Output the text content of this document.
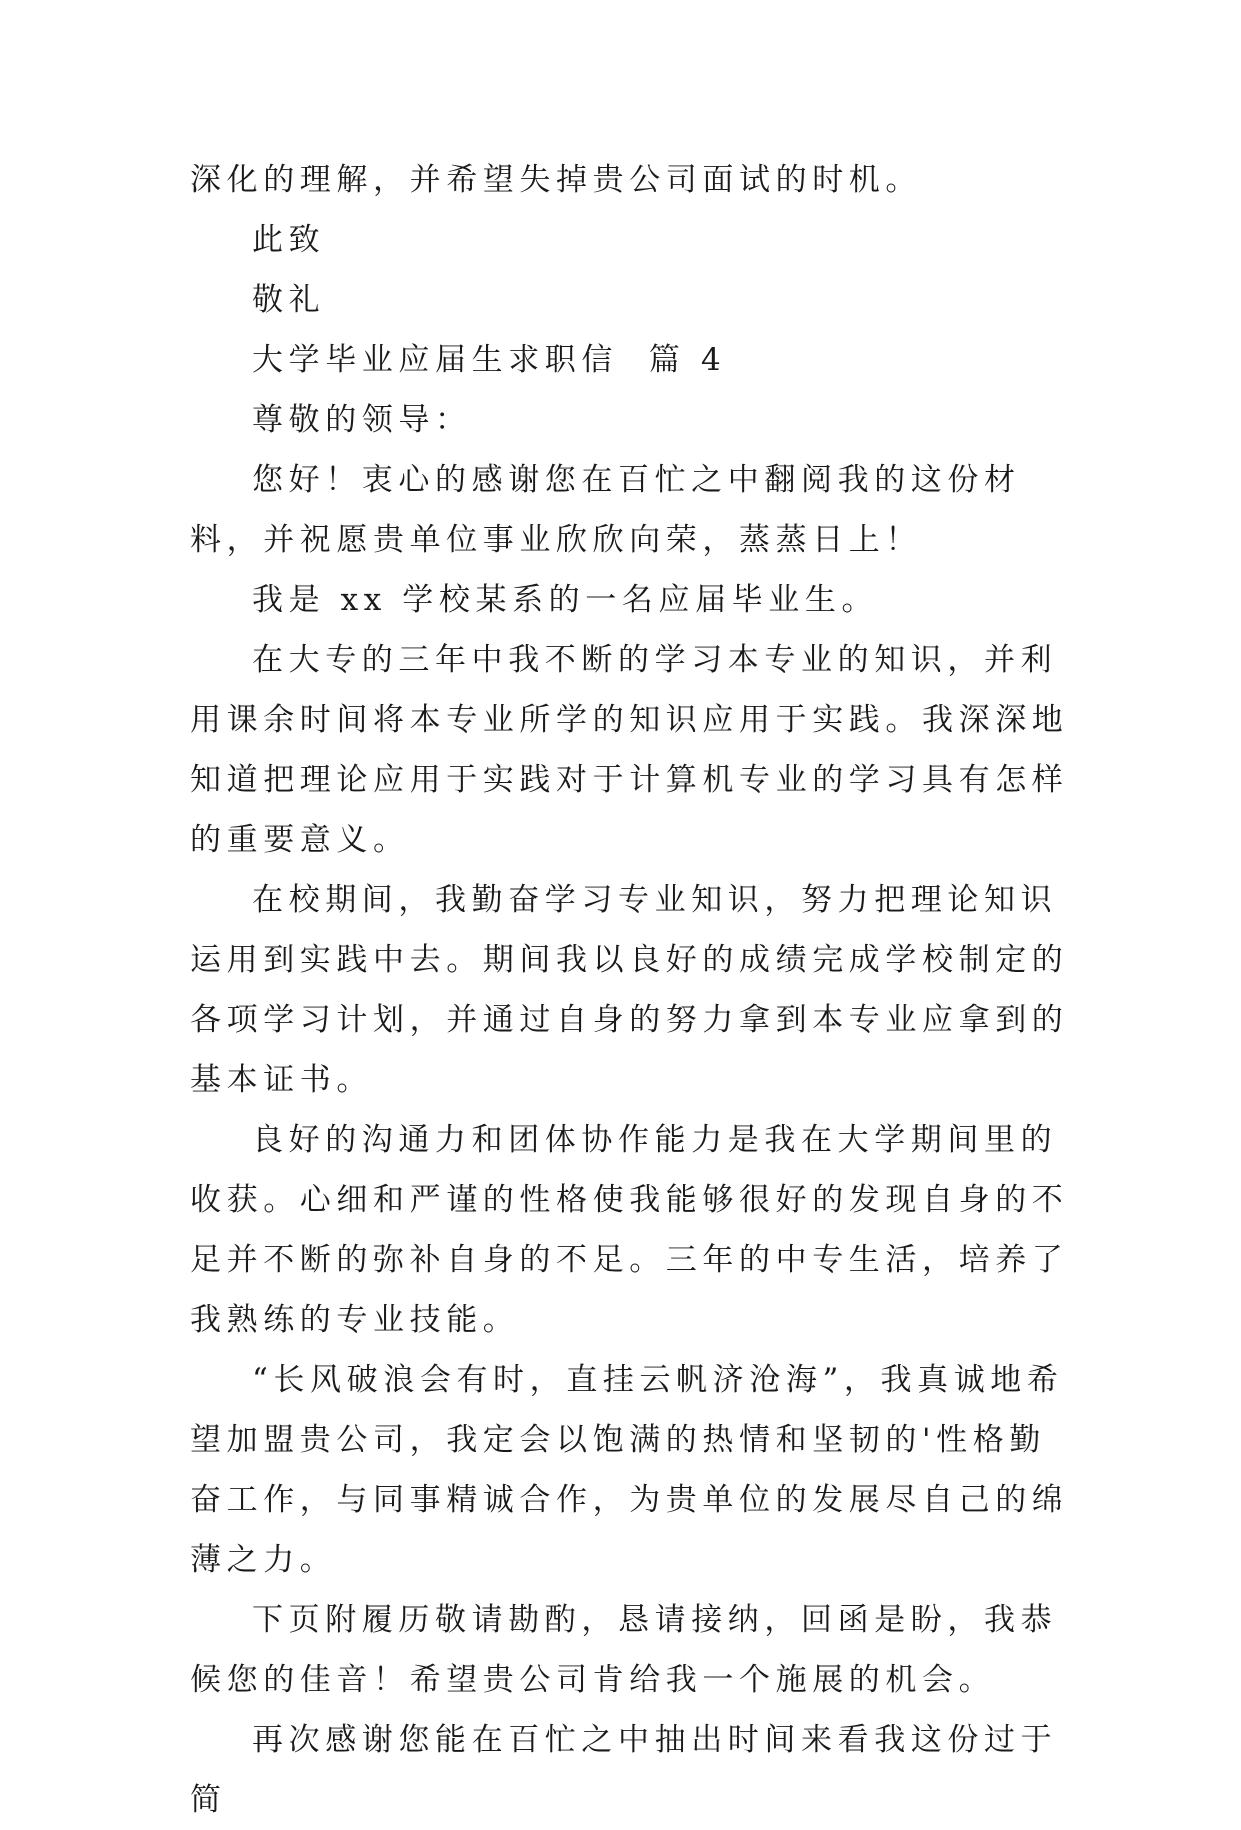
深化的理解，并希望失掉贵公司面试的时机。

此致

敬礼

大学毕业应届生求职信  篇 4

尊敬的领导：

您好！衷心的感谢您在百忙之中翻阅我的这份材料，并祝愿贵单位事业欣欣向荣，蒸蒸日上！

我是 xx 学校某系的一名应届毕业生。

在大专的三年中我不断的学习本专业的知识，并利用课余时间将本专业所学的知识应用于实践。我深深地知道把理论应用于实践对于计算机专业的学习具有怎样的重要意义。

在校期间，我勤奋学习专业知识，努力把理论知识运用到实践中去。期间我以良好的成绩完成学校制定的各项学习计划，并通过自身的努力拿到本专业应拿到的基本证书。

良好的沟通力和团体协作能力是我在大学期间里的收获。心细和严谨的性格使我能够很好的发现自身的不足并不断的弥补自身的不足。三年的中专生活，培养了我熟练的专业技能。

“长风破浪会有时，直挂云帆济沧海”，我真诚地希望加盟贵公司，我定会以饱满的热情和坚韧的'性格勤奋工作，与同事精诚合作，为贵单位的发展尽自己的绵薄之力。

下页附履历敬请勘酌，恳请接纳，回函是盼，我恭候您的佳音！希望贵公司肯给我一个施展的机会。

再次感谢您能在百忙之中抽出时间来看我这份过于简
